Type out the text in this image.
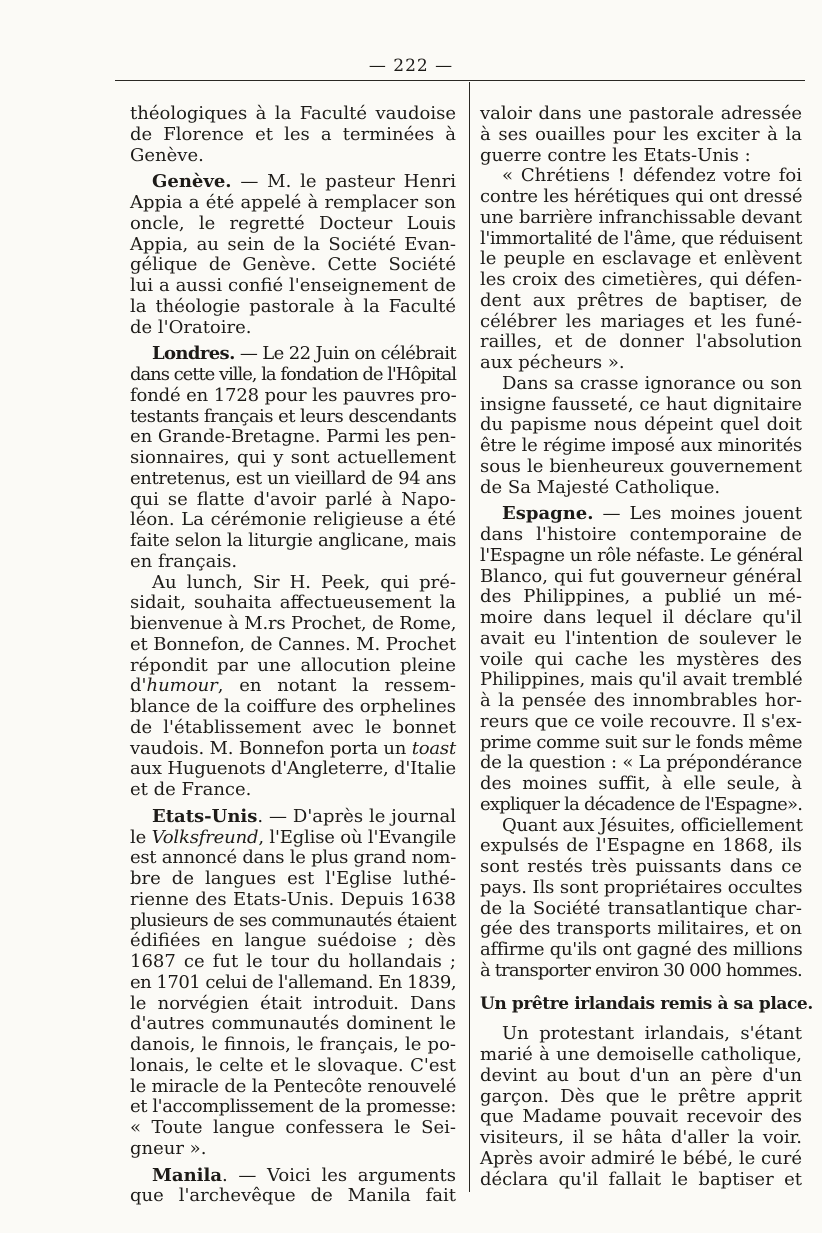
— 222 —
théologiques à la Faculté vaudoise
de Florence et les a terminées à
Genève.
Genève. — M. le pasteur Henri
Appia a été appelé à remplacer son
oncle, le regretté Docteur Louis
Appia, au sein de la Société Evan-
gélique de Genève. Cette Société
lui a aussi confié l'enseignement de
la théologie pastorale à la Faculté
de l'Oratoire.
Londres. — Le 22 Juin on célébrait
dans cette ville, la fondation de l'Hôpital
fondé en 1728 pour les pauvres pro-
testants français et leurs descendants
en Grande-Bretagne. Parmi les pen-
sionnaires, qui y sont actuellement
entretenus, est un vieillard de 94 ans
qui se flatte d'avoir parlé à Napo-
léon. La cérémonie religieuse a été
faite selon la liturgie anglicane, mais
en français.
Au lunch, Sir H. Peek, qui pré-
sidait, souhaita affectueusement la
bienvenue à M.rs Prochet, de Rome,
et Bonnefon, de Cannes. M. Prochet
répondit par une allocution pleine
d'humour, en notant la ressem-
blance de la coiffure des orphelines
de l'établissement avec le bonnet
vaudois. M. Bonnefon porta un toast
aux Huguenots d'Angleterre, d'Italie
et de France.
Etats-Unis. — D'après le journal
le Volksfreund, l'Eglise où l'Evangile
est annoncé dans le plus grand nom-
bre de langues est l'Eglise luthé-
rienne des Etats-Unis. Depuis 1638
plusieurs de ses communautés étaient
édifiées en langue suédoise ; dès
1687 ce fut le tour du hollandais ;
en 1701 celui de l'allemand. En 1839,
le norvégien était introduit. Dans
d'autres communautés dominent le
danois, le finnois, le français, le po-
lonais, le celte et le slovaque. C'est
le miracle de la Pentecôte renouvelé
et l'accomplissement de la promesse:
« Toute langue confessera le Sei-
gneur ».
Manila. — Voici les arguments
que l'archevêque de Manila fait
valoir dans une pastorale adressée
à ses ouailles pour les exciter à la
guerre contre les Etats-Unis :
« Chrétiens ! défendez votre foi
contre les hérétiques qui ont dressé
une barrière infranchissable devant
l'immortalité de l'âme, que réduisent
le peuple en esclavage et enlèvent
les croix des cimetières, qui défen-
dent aux prêtres de baptiser, de
célébrer les mariages et les funé-
railles, et de donner l'absolution
aux pécheurs ».
Dans sa crasse ignorance ou son
insigne fausseté, ce haut dignitaire
du papisme nous dépeint quel doit
être le régime imposé aux minorités
sous le bienheureux gouvernement
de Sa Majesté Catholique.
Espagne. — Les moines jouent
dans l'histoire contemporaine de
l'Espagne un rôle néfaste. Le général
Blanco, qui fut gouverneur général
des Philippines, a publié un mé-
moire dans lequel il déclare qu'il
avait eu l'intention de soulever le
voile qui cache les mystères des
Philippines, mais qu'il avait tremblé
à la pensée des innombrables hor-
reurs que ce voile recouvre. Il s'ex-
prime comme suit sur le fonds même
de la question : « La prépondérance
des moines suffit, à elle seule, à
expliquer la décadence de l'Espagne».
Quant aux Jésuites, officiellement
expulsés de l'Espagne en 1868, ils
sont restés très puissants dans ce
pays. Ils sont propriétaires occultes
de la Société transatlantique char-
gée des transports militaires, et on
affirme qu'ils ont gagné des millions
à transporter environ 30 000 hommes.
Un prêtre irlandais remis à sa place.
Un protestant irlandais, s'étant
marié à une demoiselle catholique,
devint au bout d'un an père d'un
garçon. Dès que le prêtre apprit
que Madame pouvait recevoir des
visiteurs, il se hâta d'aller la voir.
Après avoir admiré le bébé, le curé
déclara qu'il fallait le baptiser et
